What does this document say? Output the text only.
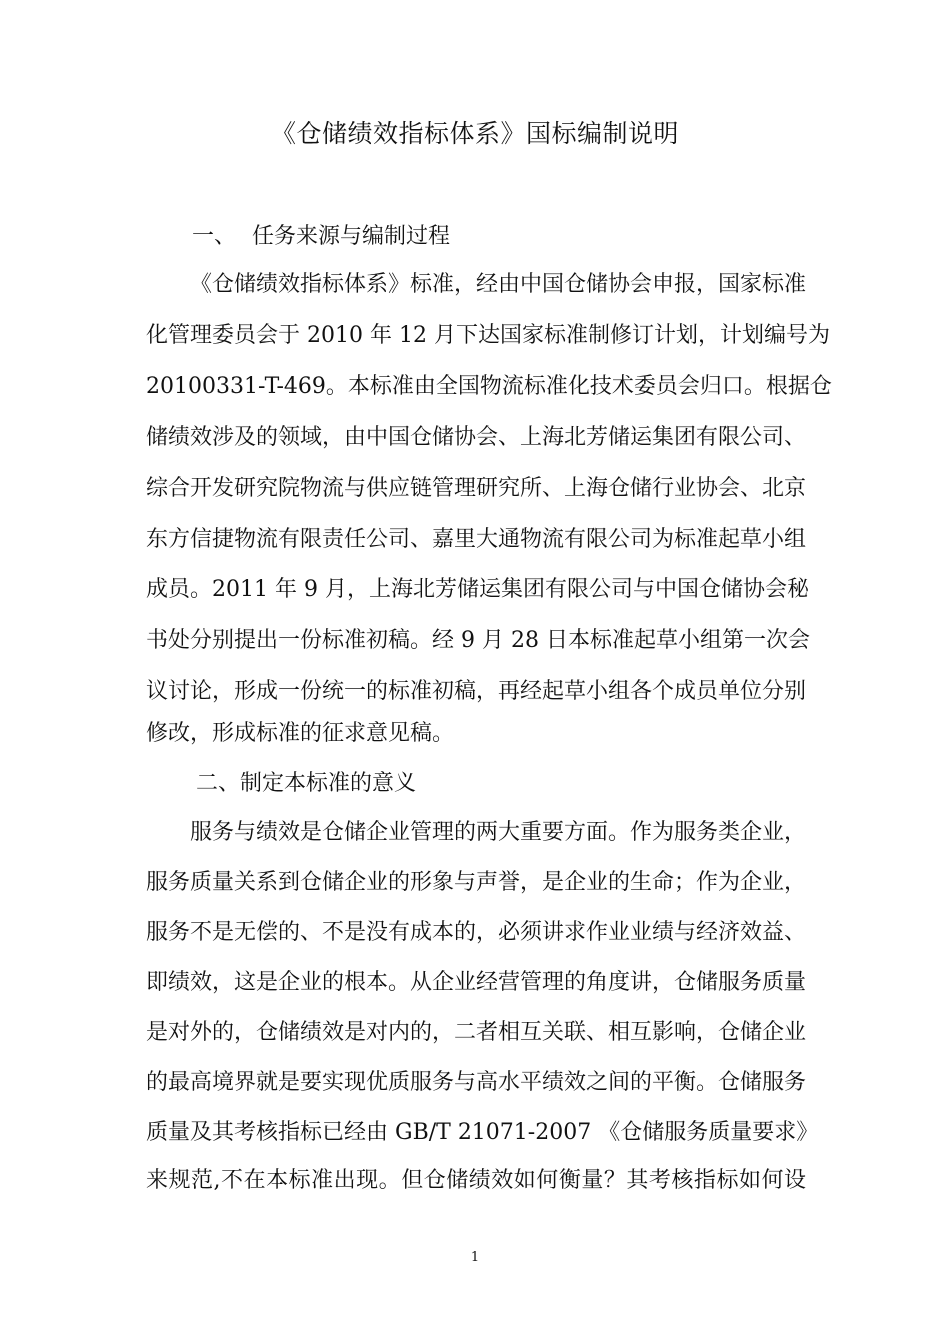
《仓储绩效指标体系》国标编制说明
一、 任务来源与编制过程
《仓储绩效指标体系》标准，经由中国仓储协会申报，国家标准
化管理委员会于 2010 年 12 月下达国家标准制修订计划，计划编号为
20100331-T-469。本标准由全国物流标准化技术委员会归口。根据仓
储绩效涉及的领域，由中国仓储协会、上海北芳储运集团有限公司、
综合开发研究院物流与供应链管理研究所、上海仓储行业协会、北京
东方信捷物流有限责任公司、嘉里大通物流有限公司为标准起草小组
成员。2011 年 9 月，上海北芳储运集团有限公司与中国仓储协会秘
书处分别提出一份标准初稿。经 9 月 28 日本标准起草小组第一次会
议讨论，形成一份统一的标准初稿，再经起草小组各个成员单位分别
修改，形成标准的征求意见稿。
二、制定本标准的意义
服务与绩效是仓储企业管理的两大重要方面。作为服务类企业，
服务质量关系到仓储企业的形象与声誉，是企业的生命；作为企业，
服务不是无偿的、不是没有成本的，必须讲求作业业绩与经济效益、
即绩效，这是企业的根本。从企业经营管理的角度讲，仓储服务质量
是对外的，仓储绩效是对内的，二者相互关联、相互影响，仓储企业
的最高境界就是要实现优质服务与高水平绩效之间的平衡。仓储服务
质量及其考核指标已经由 GB/T 21071-2007 《仓储服务质量要求》
来规范,不在本标准出现。但仓储绩效如何衡量？其考核指标如何设
1
